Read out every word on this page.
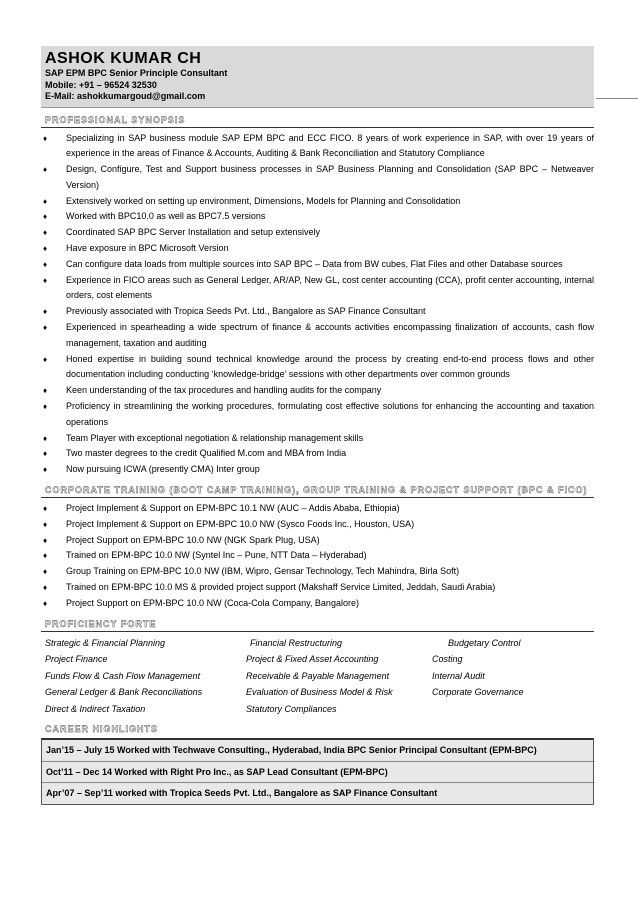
ASHOK KUMAR CH
SAP EPM BPC Senior Principle Consultant
Mobile: +91 – 96524 32530
E-Mail: ashokkumargoud@gmail.com
PROFESSIONAL SYNOPSIS
♦ Specializing in SAP business module SAP EPM BPC and ECC FICO. 8 years of work experience in SAP, with over 19 years of experience in the areas of Finance & Accounts, Auditing & Bank Reconciliation and Statutory Compliance
♦ Design, Configure, Test and Support business processes in SAP Business Planning and Consolidation (SAP BPC – Netweaver Version)
♦ Extensively worked on setting up environment, Dimensions, Models for Planning and Consolidation
♦ Worked with BPC10.0 as well as BPC7.5 versions
♦ Coordinated SAP BPC Server Installation and setup extensively
♦ Have exposure in BPC Microsoft Version
♦ Can configure data loads from multiple sources into SAP BPC – Data from BW cubes, Flat Files and other Database sources
♦ Experience in FICO areas such as General Ledger, AR/AP, New GL, cost center accounting (CCA), profit center accounting, internal orders, cost elements
♦ Previously associated with Tropica Seeds Pvt. Ltd., Bangalore as SAP Finance Consultant
♦ Experienced in spearheading a wide spectrum of finance & accounts activities encompassing finalization of accounts, cash flow management, taxation and auditing
♦ Honed expertise in building sound technical knowledge around the process by creating end-to-end process flows and other documentation including conducting ‘knowledge-bridge’ sessions with other departments over common grounds
♦ Keen understanding of the tax procedures and handling audits for the company
♦ Proficiency in streamlining the working procedures, formulating cost effective solutions for enhancing the accounting and taxation operations
♦ Team Player with exceptional negotiation & relationship management skills
♦ Two master degrees to the credit Qualified M.com and MBA from India
♦ Now pursuing ICWA (presently CMA) Inter group
CORPORATE TRAINING (BOOT CAMP TRAINING), GROUP TRAINING & PROJECT SUPPORT (BPC & FICO)
♦ Project Implement & Support on EPM-BPC 10.1 NW (AUC – Addis Ababa, Ethiopia)
♦ Project Implement & Support on EPM-BPC 10.0 NW (Sysco Foods Inc., Houston, USA)
♦ Project Support on EPM-BPC 10.0 NW (NGK Spark Plug, USA)
♦ Trained on EPM-BPC 10.0 NW (Syntel Inc – Pune, NTT Data – Hyderabad)
♦ Group Training on EPM-BPC 10.0 NW (IBM, Wipro, Gensar Technology, Tech Mahindra, Birla Soft)
♦ Trained on EPM-BPC 10.0 MS & provided project support (Makshaff Service Limited, Jeddah, Saudi Arabia)
♦ Project Support on EPM-BPC 10.0 NW (Coca-Cola Company, Bangalore)
PROFICIENCY FORTE
Strategic & Financial Planning	Financial Restructuring	Budgetary Control
Project Finance	Project & Fixed Asset Accounting	Costing
Funds Flow & Cash Flow Management	Receivable & Payable Management	Internal Audit
General Ledger & Bank Reconciliations	Evaluation of Business Model & Risk	Corporate Governance
Direct & Indirect Taxation	Statutory Compliances
CAREER HIGHLIGHTS
Jan’15 – July 15 Worked with Techwave Consulting., Hyderabad, India BPC Senior Principal Consultant (EPM-BPC)
Oct’11 – Dec 14 Worked with Right Pro Inc., as SAP Lead Consultant (EPM-BPC)
Apr’07 – Sep’11 worked with Tropica Seeds Pvt. Ltd., Bangalore as SAP Finance Consultant
